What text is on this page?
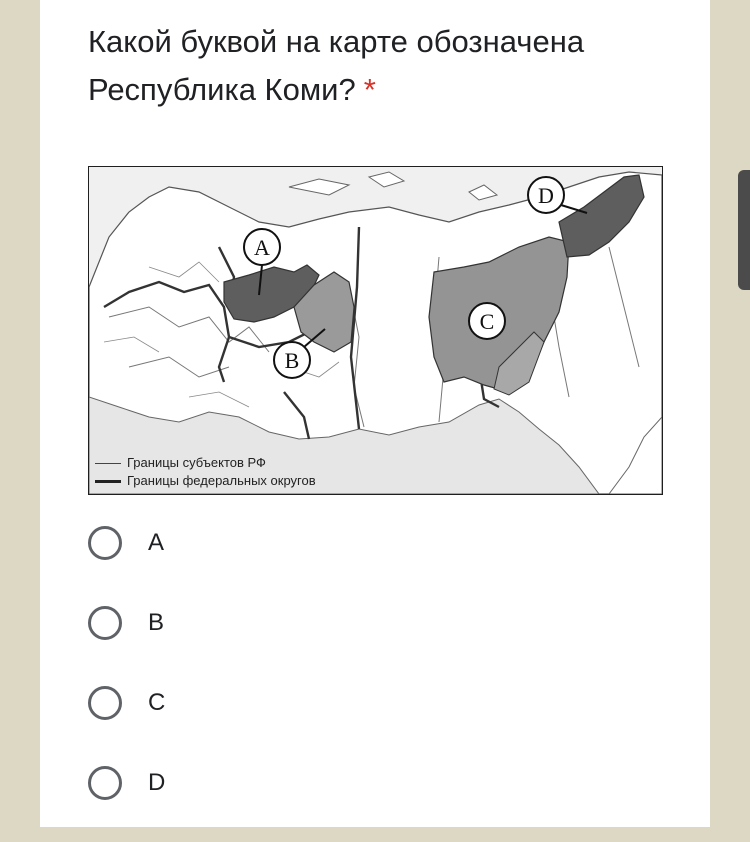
Какой буквой на карте обозначена Республика Коми? *
A
B
C
D
Границы субъектов РФ
Границы федеральных округов
A
B
C
D
